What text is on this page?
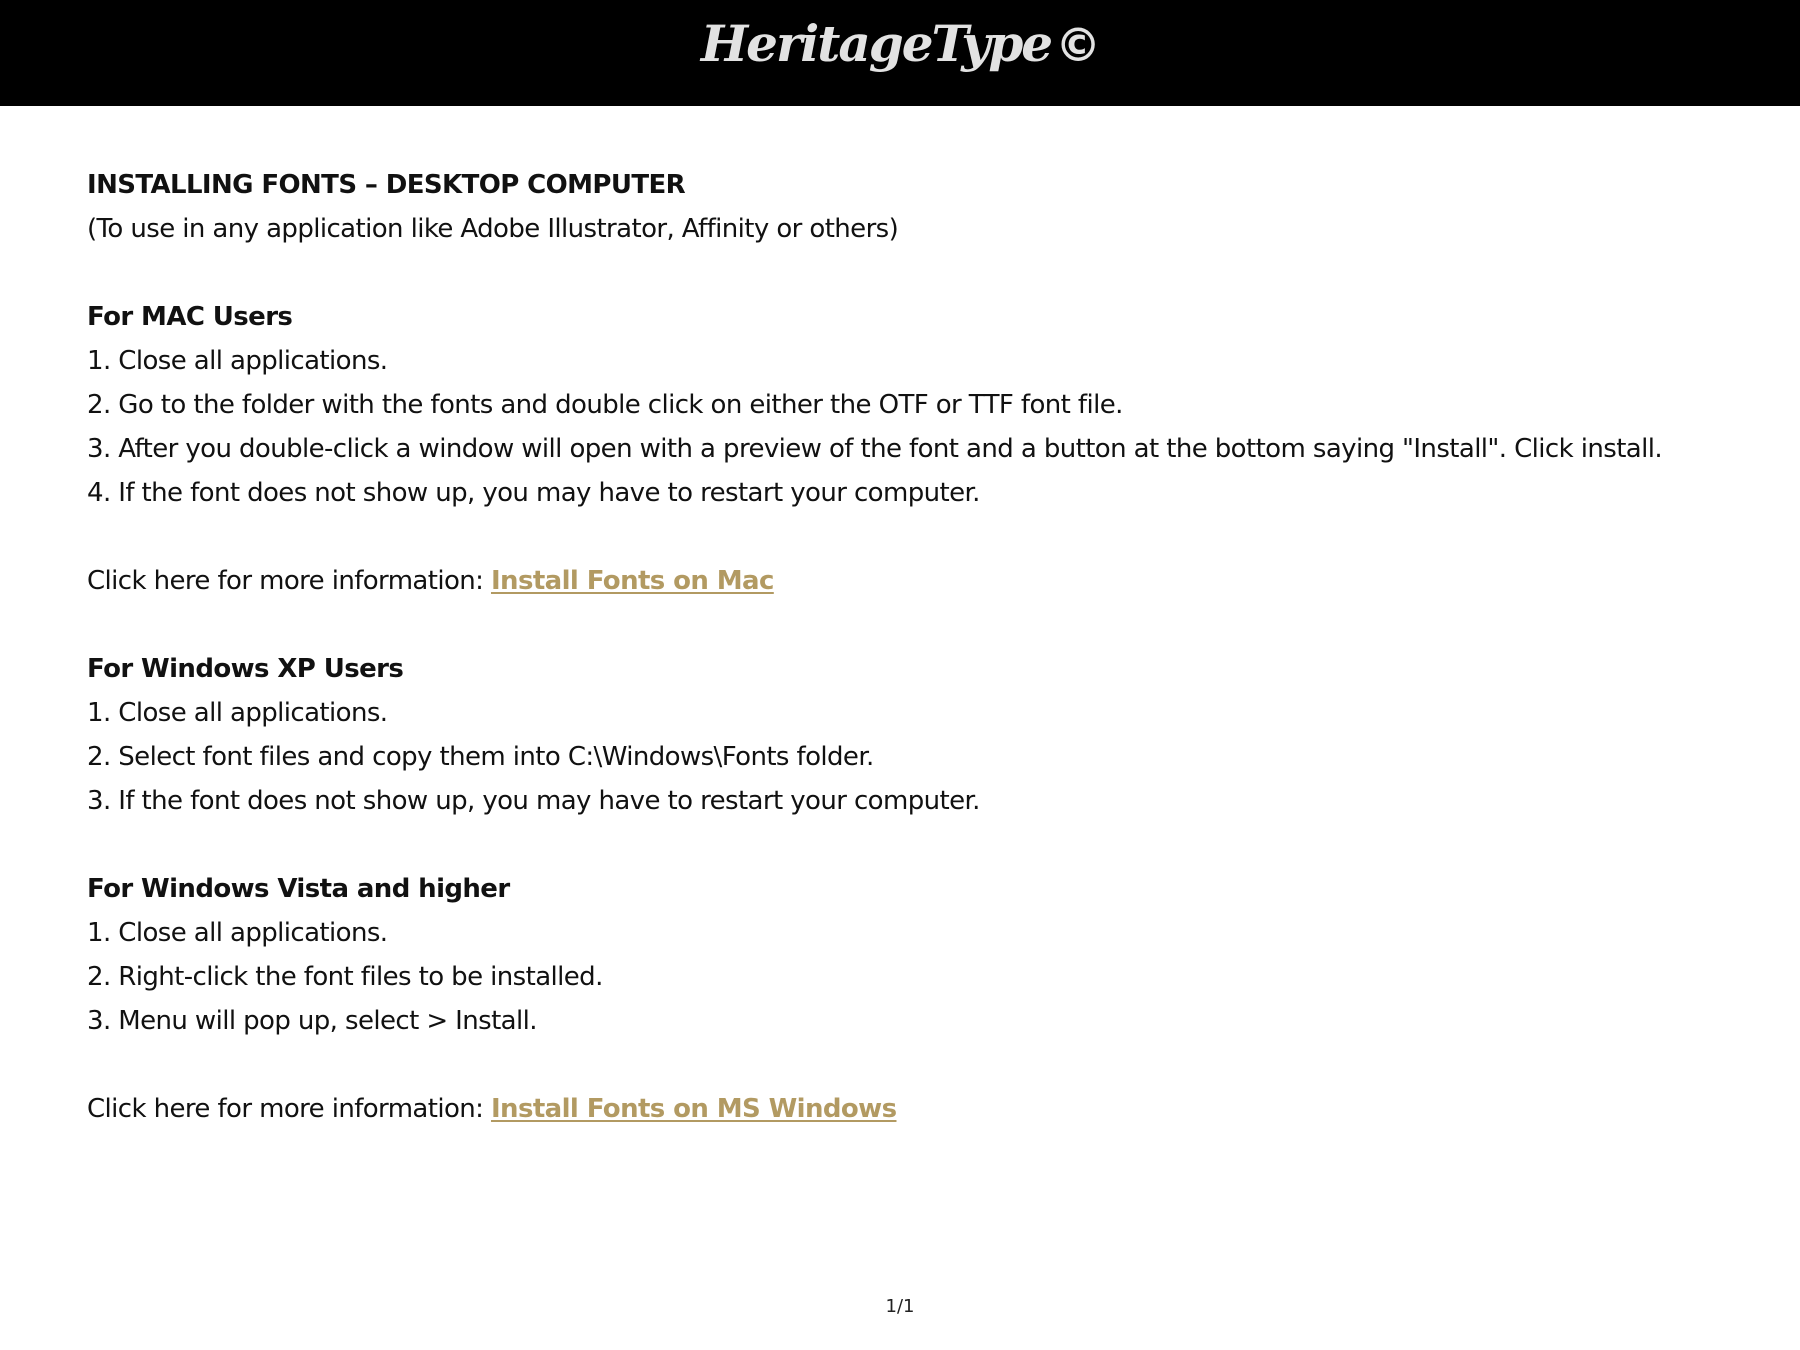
HeritageType©
INSTALLING FONTS – DESKTOP COMPUTER
(To use in any application like Adobe Illustrator, Affinity or others)
For MAC Users
1. Close all applications.
2. Go to the folder with the fonts and double click on either the OTF or TTF font file.
3. After you double-click a window will open with a preview of the font and a button at the bottom saying "Install". Click install.
4. If the font does not show up, you may have to restart your computer.
Click here for more information: Install Fonts on Mac
For Windows XP Users
1. Close all applications.
2. Select font files and copy them into C:\Windows\Fonts folder.
3. If the font does not show up, you may have to restart your computer.
For Windows Vista and higher
1. Close all applications.
2. Right-click the font files to be installed.
3. Menu will pop up, select > Install.
Click here for more information: Install Fonts on MS Windows
1/1
